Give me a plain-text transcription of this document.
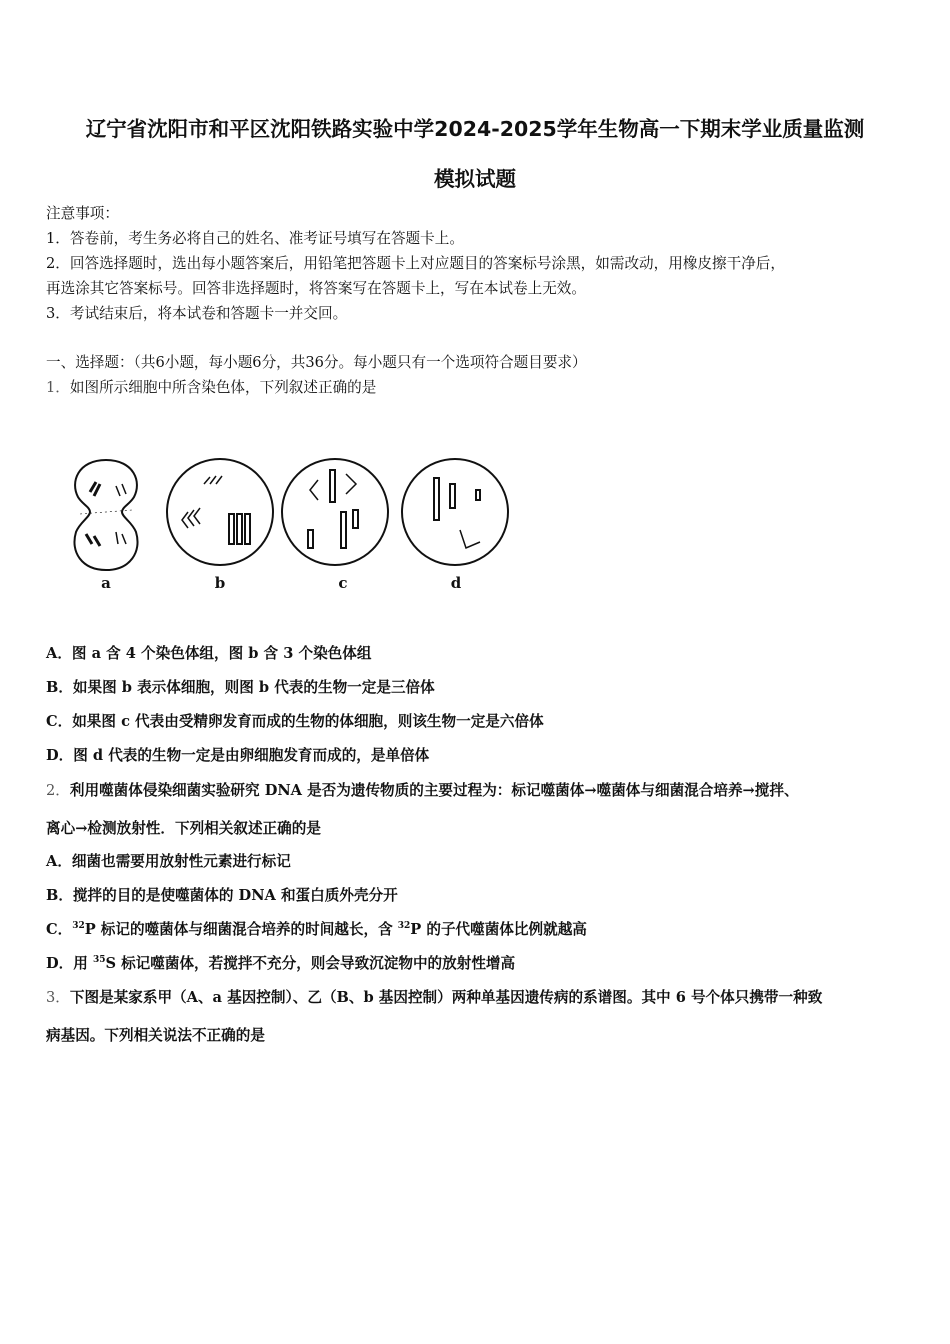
辽宁省沈阳市和平区沈阳铁路实验中学2024-2025学年生物高一下期末学业质量监测
模拟试题
注意事项：
1．答卷前，考生务必将自己的姓名、准考证号填写在答题卡上。
2．回答选择题时，选出每小题答案后，用铅笔把答题卡上对应题目的答案标号涂黑，如需改动，用橡皮擦干净后，
再选涂其它答案标号。回答非选择题时，将答案写在答题卡上，写在本试卷上无效。
3．考试结束后，将本试卷和答题卡一并交回。
一、选择题：（共6小题，每小题6分，共36分。每小题只有一个选项符合题目要求）
1．如图所示细胞中所含染色体，下列叙述正确的是
a	b	c	d
A．图 a 含 4 个染色体组，图 b 含 3 个染色体组
B．如果图 b 表示体细胞，则图 b 代表的生物一定是三倍体
C．如果图 c 代表由受精卵发育而成的生物的体细胞，则该生物一定是六倍体
D．图 d 代表的生物一定是由卵细胞发育而成的，是单倍体
2．利用噬菌体侵染细菌实验研究 DNA 是否为遗传物质的主要过程为：标记噬菌体→噬菌体与细菌混合培养→搅拌、
离心→检测放射性．下列相关叙述正确的是
A．细菌也需要用放射性元素进行标记
B．搅拌的目的是使噬菌体的 DNA 和蛋白质外壳分开
C．$^{32}$P 标记的噬菌体与细菌混合培养的时间越长，含 $^{32}$P 的子代噬菌体比例就越高
D．用 $^{35}$S 标记噬菌体，若搅拌不充分，则会导致沉淀物中的放射性增高
3．下图是某家系甲（A、a 基因控制）、乙（B、b 基因控制）两种单基因遗传病的系谱图。其中 6 号个体只携带一种致
病基因。下列相关说法不正确的是
